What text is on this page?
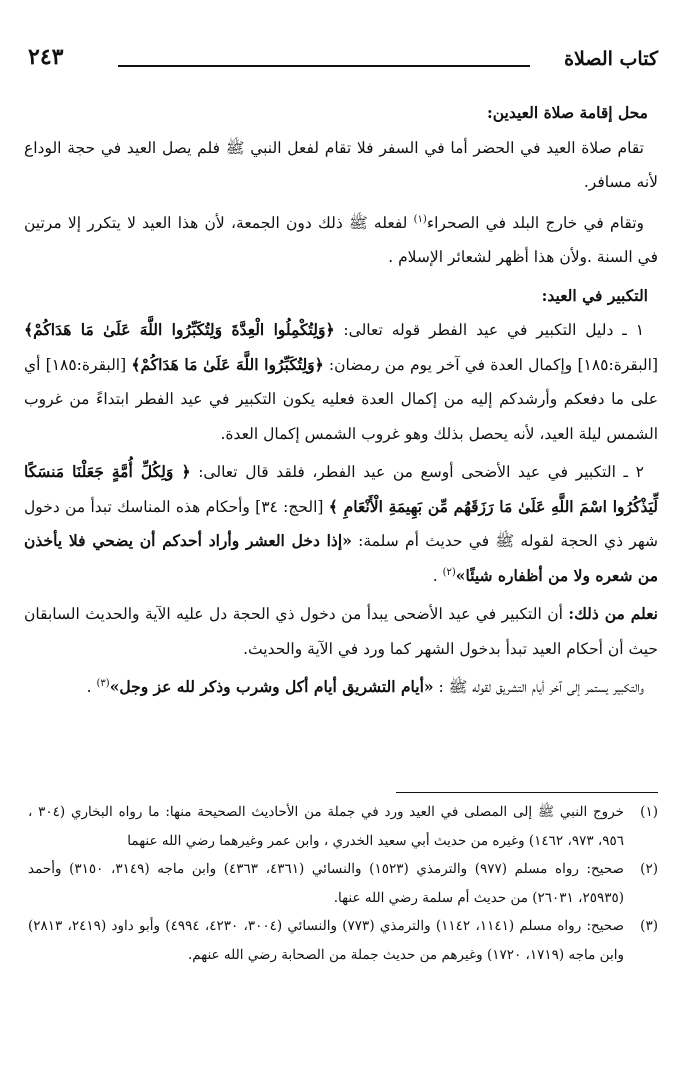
كتاب الصلاة
٢٤٣

محل إقامة صلاة العيدين:

تقام صلاة العيد في الحضر أما في السفر فلا تقام لفعل النبي ﷺ فلم يصل العيد في حجة الوداع لأنه مسافر.

وتقام في خارج البلد في الصحراء$^{(١)}$ لفعله ﷺ ذلك دون الجمعة، لأن هذا العيد لا يتكرر إلا مرتين في السنة .ولأن هذا أظهر لشعائر الإسلام .

التكبير في العيد:

١ ـ دليل التكبير في عيد الفطر قوله تعالى: ﴿وَلِتُكْمِلُوا الْعِدَّةَ وَلِتُكَبِّرُوا اللَّهَ عَلَىٰ مَا هَدَاكُمْ﴾ [البقرة:١٨٥] وإكمال العدة في آخر يوم من رمضان: ﴿وَلِتُكَبِّرُوا اللَّهَ عَلَىٰ مَا هَدَاكُمْ﴾ [البقرة:١٨٥] أي على ما دفعكم وأرشدكم إليه من إكمال العدة فعليه يكون التكبير في عيد الفطر ابتداءً من غروب الشمس ليلة العيد، لأنه يحصل بذلك وهو غروب الشمس إكمال العدة.

٢ ـ التكبير في عيد الأضحى أوسع من عيد الفطر، فلقد قال تعالى: ﴿ وَلِكُلِّ أُمَّةٍ جَعَلْنَا مَنسَكًا لِّيَذْكُرُوا اسْمَ اللَّهِ عَلَىٰ مَا رَزَقَهُم مِّن بَهِيمَةِ الْأَنْعَامِ ﴾ [الحج: ٣٤] وأحكام هذه المناسك تبدأ من دخول شهر ذي الحجة لقوله ﷺ في حديث أم سلمة: «إذا دخل العشر وأراد أحدكم أن يضحي فلا يأخذن من شعره ولا من أظفاره شيئًا»$^{(٢)}$ .

نعلم من ذلك: أن التكبير في عيد الأضحى يبدأ من دخول ذي الحجة دل عليه الآية والحديث السابقان حيث أن أحكام العيد تبدأ بدخول الشهر كما ورد في الآية والحديث.

والتكبير يستمر إلى آخر أيام التشريق لقوله ﷺ : «أيام التشريق أيام أكل وشرب وذكر لله عز وجل»$^{(٣)}$ .

(١)
خروج النبي ﷺ إلى المصلى في العيد ورد في جملة من الأحاديث الصحيحة منها: ما رواه البخاري (٣٠٤ ، ٩٥٦، ٩٧٣، ١٤٦٢) وغيره من حديث أبي سعيد الخدري ، وابن عمر وغيرهما رضي الله عنهما

(٢)
صحيح: رواه مسلم (٩٧٧) والترمذي (١٥٢٣) والنسائي (٤٣٦١، ٤٣٦٣) وابن ماجه (٣١٤٩، ٣١٥٠) وأحمد (٢٥٩٣٥، ٢٦٠٣١) من حديث أم سلمة رضي الله عنها.

(٣)
صحيح: رواه مسلم (١١٤١، ١١٤٢) والترمذي (٧٧٣) والنسائي (٣٠٠٤، ٤٢٣٠، ٤٩٩٤) وأبو داود (٢٤١٩، ٢٨١٣) وابن ماجه (١٧١٩، ١٧٢٠) وغيرهم من حديث جملة من الصحابة رضي الله عنهم.
